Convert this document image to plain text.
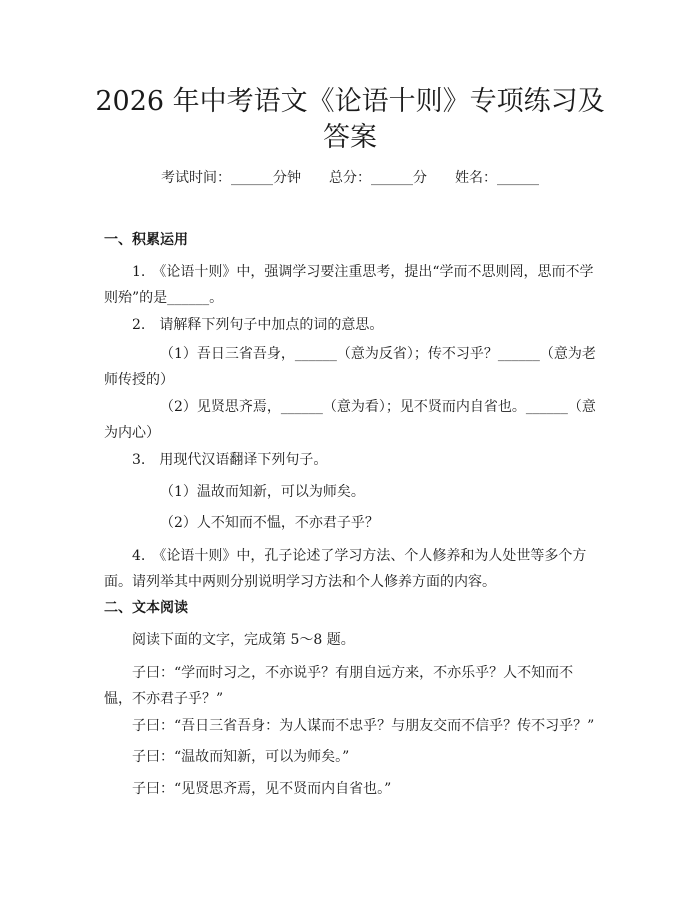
2026 年中考语文《论语十则》专项练习及答案
考试时间：______分钟 总分：______分 姓名：______
一、积累运用
1.　《论语十则》中，强调学习要注重思考，提出“学而不思则罔，思而不学则殆”的是______。
2.　请解释下列句子中加点的词的意思。
（1）吾日三省吾身，______（意为反省）；传不习乎？______（意为老师传授的）
（2）见贤思齐焉，______（意为看）；见不贤而内自省也。______（意为内心）
3.　用现代汉语翻译下列句子。
（1）温故而知新，可以为师矣。
（2）人不知而不愠，不亦君子乎？
4.　《论语十则》中，孔子论述了学习方法、个人修养和为人处世等多个方面。请列举其中两则分别说明学习方法和个人修养方面的内容。
二、文本阅读
阅读下面的文字，完成第 5～8 题。
子曰：“学而时习之，不亦说乎？有朋自远方来，不亦乐乎？人不知而不愠，不亦君子乎？”
子曰：“吾日三省吾身：为人谋而不忠乎？与朋友交而不信乎？传不习乎？”
子曰：“温故而知新，可以为师矣。”
子曰：“见贤思齐焉，见不贤而内自省也。”
